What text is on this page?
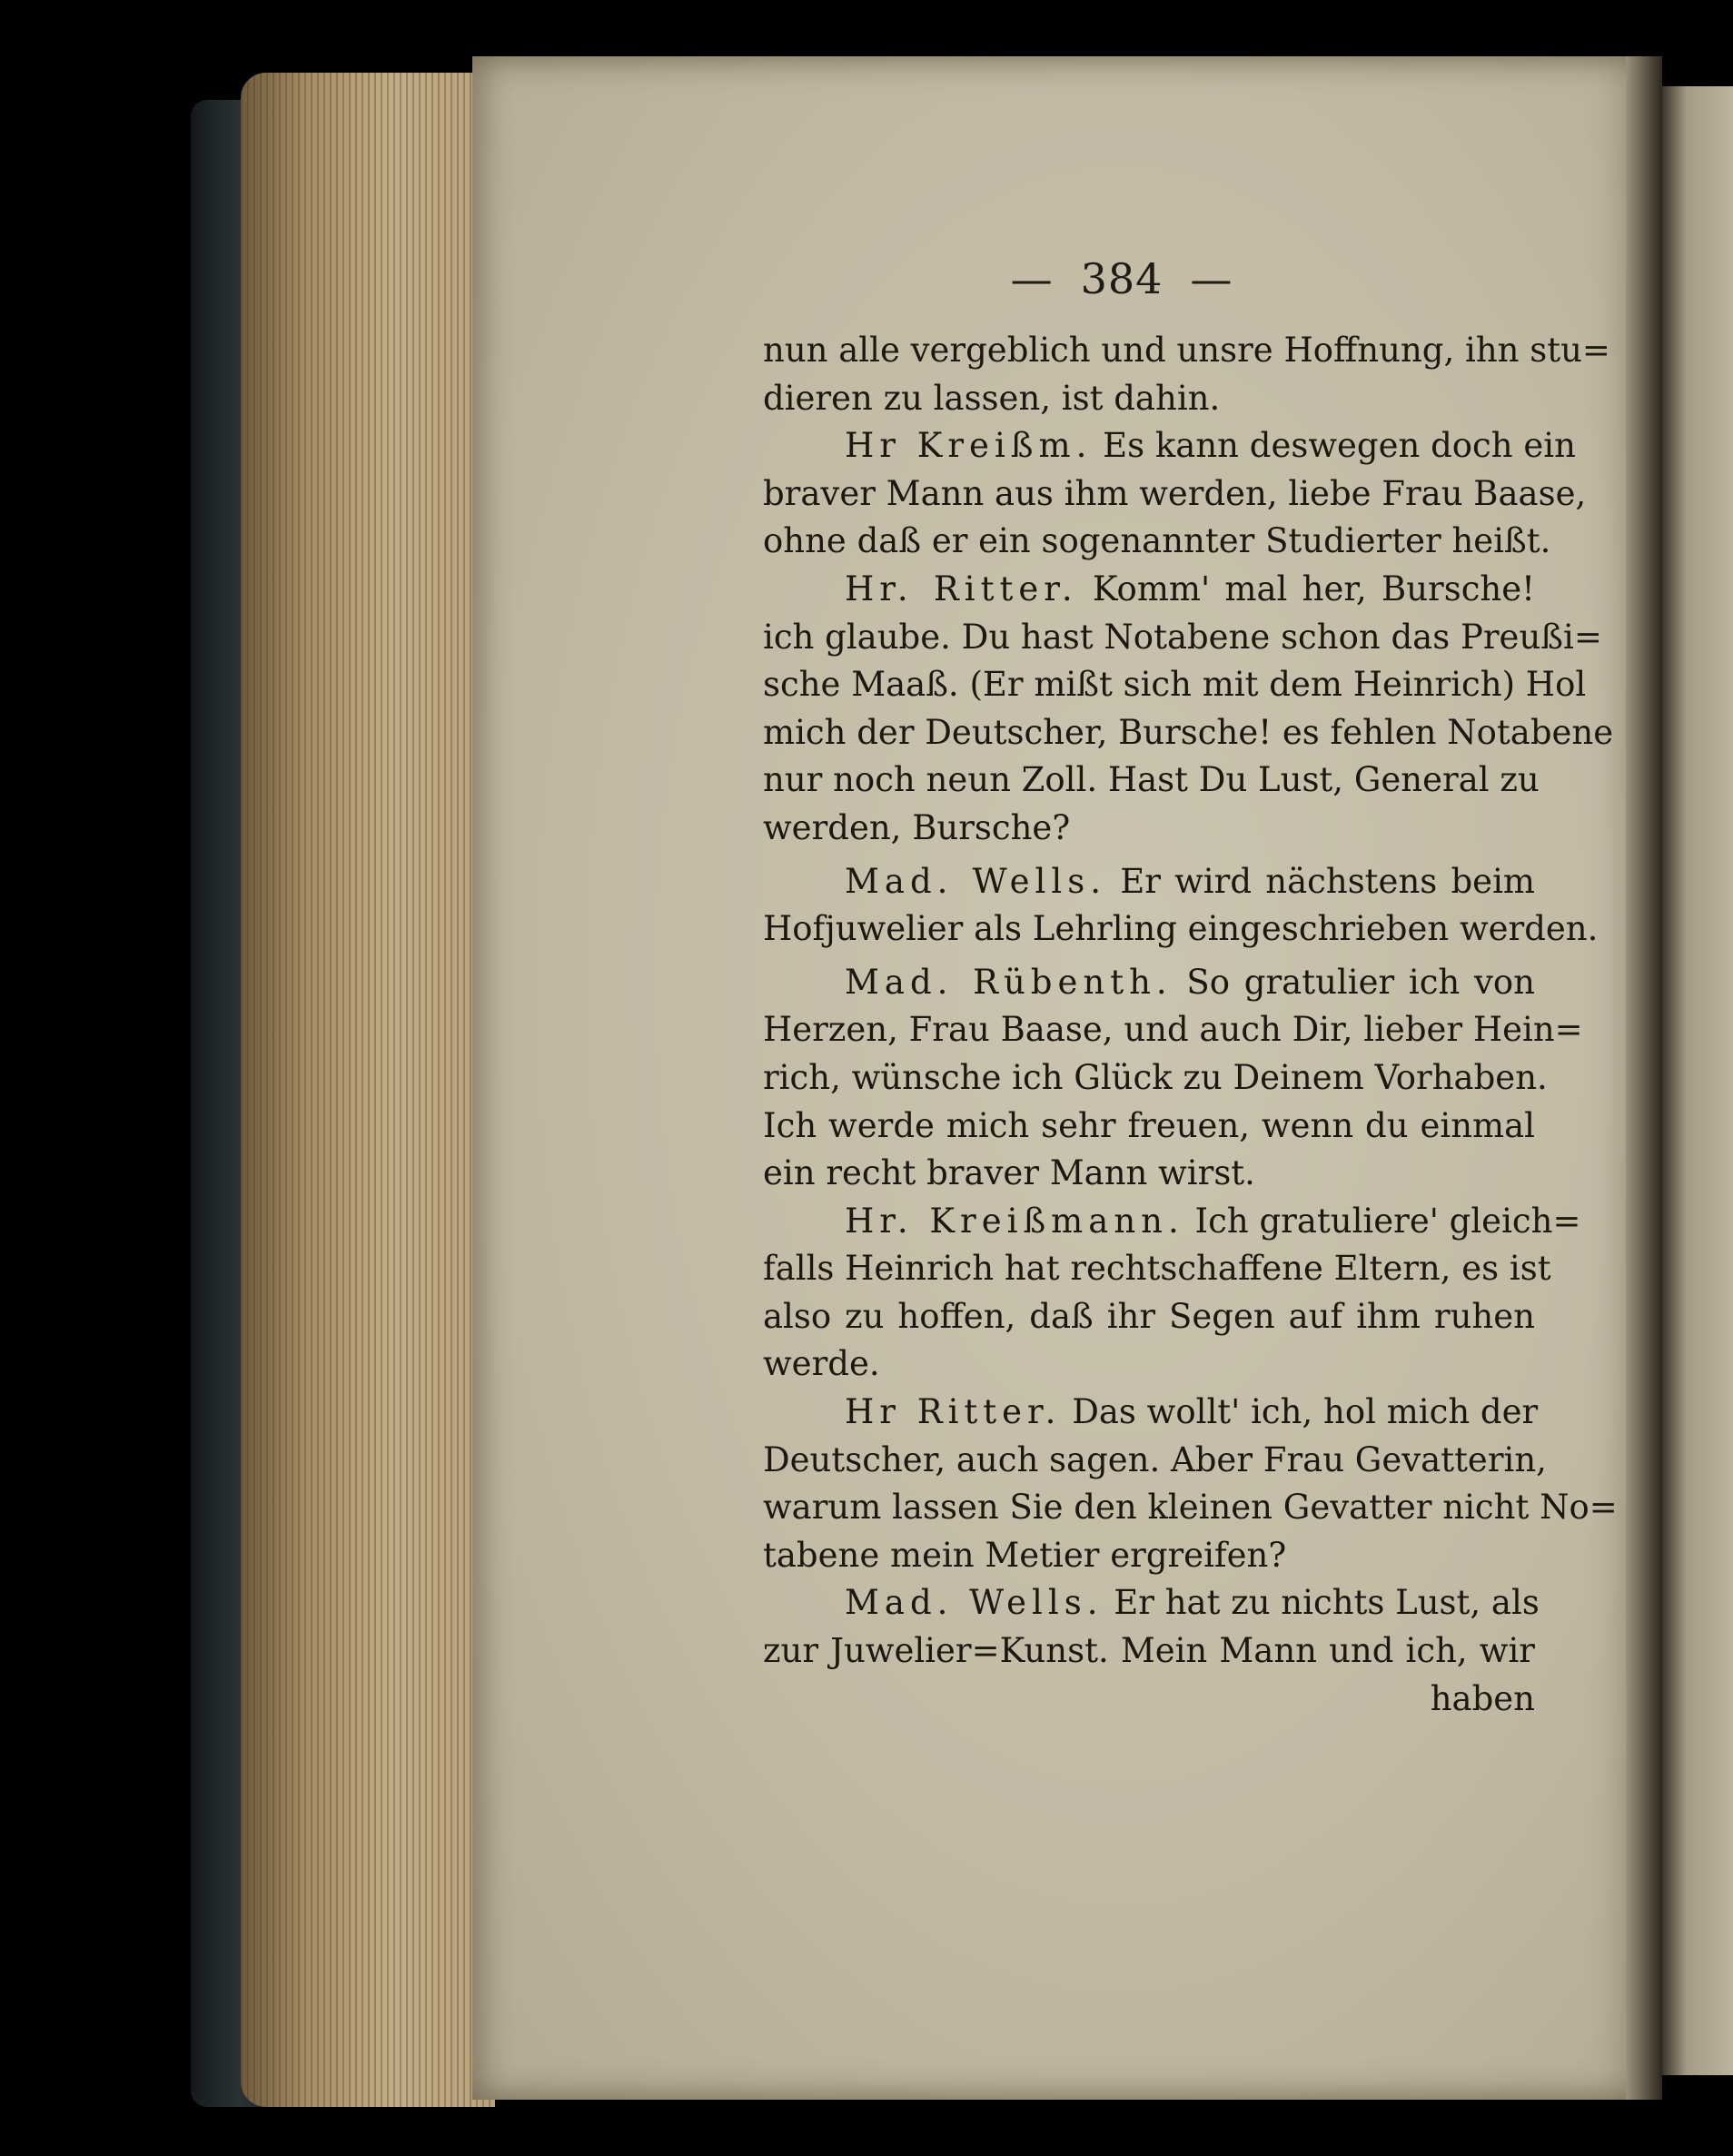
— 384 —
nun alle vergeblich und unsre Hoffnung, ihn stu=
dieren zu lassen, ist dahin.
Hr Kreißm. Es kann deswegen doch ein
braver Mann aus ihm werden, liebe Frau Baase,
ohne daß er ein sogenannter Studierter heißt.
Hr. Ritter. Komm' mal her, Bursche!
ich glaube. Du hast Notabene schon das Preußi=
sche Maaß. (Er mißt sich mit dem Heinrich) Hol
mich der Deutscher, Bursche! es fehlen Notabene
nur noch neun Zoll. Hast Du Lust, General zu
werden, Bursche?
Mad. Wells. Er wird nächstens beim
Hofjuwelier als Lehrling eingeschrieben werden.
Mad. Rübenth. So gratulier ich von
Herzen, Frau Baase, und auch Dir, lieber Hein=
rich, wünsche ich Glück zu Deinem Vorhaben.
Ich werde mich sehr freuen, wenn du einmal
ein recht braver Mann wirst.
Hr. Kreißmann. Ich gratuliere' gleich=
falls Heinrich hat rechtschaffene Eltern, es ist
also zu hoffen, daß ihr Segen auf ihm ruhen
werde.
Hr Ritter. Das wollt' ich, hol mich der
Deutscher, auch sagen. Aber Frau Gevatterin,
warum lassen Sie den kleinen Gevatter nicht No=
tabene mein Metier ergreifen?
Mad. Wells. Er hat zu nichts Lust, als
zur Juwelier=Kunst. Mein Mann und ich, wir
haben
